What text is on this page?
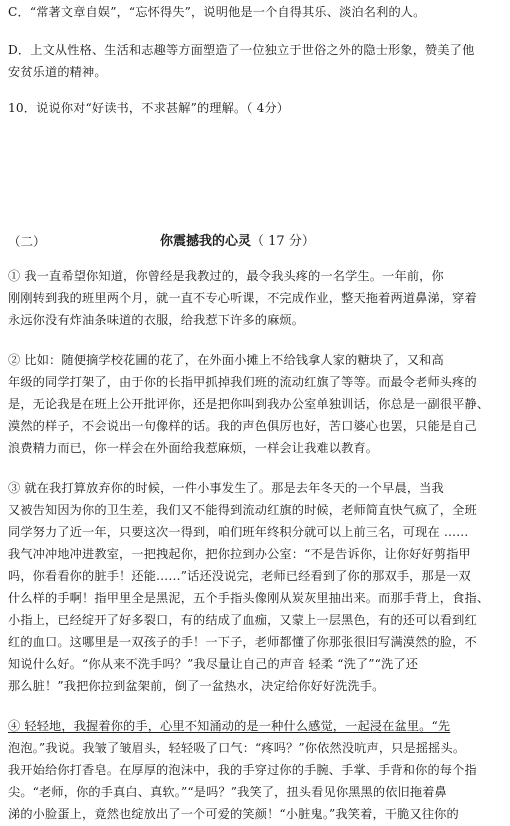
C．“常著文章自娱”，“忘怀得失”，说明他是一个自得其乐、淡泊名利的人。
D．上文从性格、生活和志趣等方面塑造了一位独立于世俗之外的隐士形象，赞美了他
安贫乐道的精神。
10．说说你对“好读书，不求甚解”的理解。（ 4分）
（二）	你震撼我的心灵（ 17 分）
① 我一直希望你知道，你曾经是我教过的，最令我头疼的一名学生。一年前，你
刚刚转到我的班里两个月，就一直不专心听课，不完成作业，整天拖着两道鼻涕，穿着
永远你没有炸油条味道的衣服，给我惹下许多的麻烦。
② 比如：随便摘学校花圃的花了，在外面小摊上不给钱拿人家的糖块了，又和高
年级的同学打架了，由于你的长指甲抓掉我们班的流动红旗了等等。而最令老师头疼的
是，无论我是在班上公开批评你，还是把你叫到我办公室单独训话，你总是一副很平静、
漠然的样子，不会说出一句像样的话。我的声色俱厉也好，苦口婆心也罢，只能是自己
浪费精力而已，你一样会在外面给我惹麻烦，一样会让我难以教育。
③ 就在我打算放弃你的时候，一件小事发生了。那是去年冬天的一个早晨，当我
又被告知因为你的卫生差，我们又不能得到流动红旗的时候，老师简直快气疯了，全班
同学努力了近一年，只要这次一得到，咱们班年终积分就可以上前三名，可现在 ……
我气冲冲地冲进教室，一把拽起你，把你拉到办公室：“不是告诉你，让你好好剪指甲
吗，你看看你的脏手！还能……”话还没说完，老师已经看到了你的那双手，那是一双
什么样的手啊！指甲里全是黑泥，五个手指头像刚从炭灰里抽出来。而那手背上，食指、
小指上，已经绽开了好多裂口，有的结成了血痂，又蒙上一层黑色，有的还可以看到红
红的血口。这哪里是一双孩子的手！一下子，老师都懂了你那张很旧写满漠然的脸，不
知说什么好。“你从来不洗手吗？”我尽量让自己的声音 轻柔 “洗了”“洗了还
那么脏！”我把你拉到盆架前，倒了一盆热水，决定给你好好洗洗手。
④ 轻轻地，我握着你的手，心里不知涌动的是一种什么感觉，一起浸在盆里。“先
泡泡。”我说。我皱了皱眉头，轻轻吸了口气：“疼吗？”你依然没吭声，只是摇摇头。
我开始给你打香皂。在厚厚的泡沫中，我的手穿过你的手腕、手掌、手背和你的每个指
尖。“老师，你的手真白、真软。”“是吗？”我笑了，扭头看见你黑黑的依旧拖着鼻
涕的小脸蛋上，竟然也绽放出了一个可爱的笑颜！“小脏鬼。”我笑着，干脆又往你的
